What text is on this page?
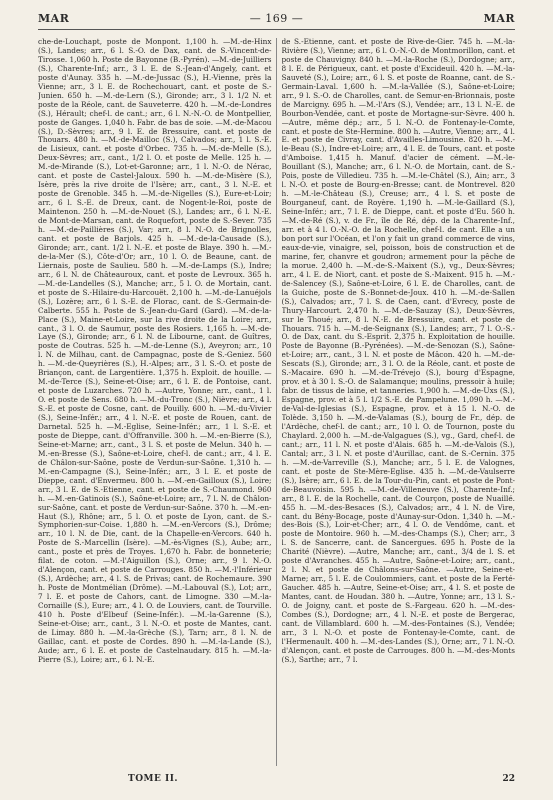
MAR	— 169 —	MAR

che-de-Louchapt, poste de Monpont. 1,100 h. —M.-de-Hinx (S.), Landes; arr., 6 l. S.-O. de Dax, cant. de S.-Vincent-de-Tirosse. 1,060 h. Poste de Bayonne (B.-Pyrén). —M.-de-Juilliers (S.), Charente-Inf.; arr., 3 l. E. de S.-Jean-d'Angely, cant. et poste d'Aunay. 335 h. —M.-de-Jussac (S.), H.-Vienne, près la Vienne; arr., 3 l. E. de Rochechouart, cant. et poste de S.-Junien. 650 h. —M.-de-Lern (S.), Gironde; arr., 3 l. 1/2 N. et poste de la Réole, cant. de Sauveterre. 420 h. —M.-de-Londres (S.), Hérault; chef-l. de cant.; arr., 6 l. N.-N.-O. de Montpellier, poste de Ganges. 1,040 h. Fabr. de bas de soie. —M.-de-Macou (S.), D.-Sèvres; arr., 9 l. E. de Bressuire, cant. et poste de Thouars. 480 h. —M.-de-Mailloc (S.), Calvados; arr., 1 l. S.-E. de Lisieux, cant. et poste d'Orbec. 735 h. —M.-de-Melle (S.), Deux-Sèvres; arr., cant., 1/2 l. O. et poste de Melle. 125 h. —M.-de-Mirande (S.), Lot-et-Garonne; arr., 1 l. N.-O. de Nérac, cant. et poste de Castel-Jaloux. 590 h. —M.-de-Misère (S.), Isère, près la rive droite de l'Isère; arr., cant., 3 l. N.-E. et poste de Grenoble. 345 h. —M.-de-Nigelles (S.), Eure-et-Loir; arr., 6 l. S.-E. de Dreux, cant. de Nogent-le-Roi, poste de Maintenon. 250 h. —M.-de-Nouet (S.), Landes; arr., 6 l. N.-E. de Mont-de-Marsan, cant. de Roquefort, poste de S.-Sever. 735 h. —M.-de-Paillières (S.), Var; arr., 8 l. N.-O. de Brignolles, cant. et poste de Barjols. 425 h. —M.-de-la-Causade (S.), Gironde; arr., cant. 1/2 l. N.-E. et poste de Blaye. 390 h. —M.-de-la-Mer (S.), Côte-d'Or; arr., 10 l. O. de Beaune, cant. de Liernais, poste de Saulieu. 580 h. —M.-de-Lamps (S.), Indre; arr., 6 l. N. de Châteauroux, cant. et poste de Levroux. 365 h. —M.-de-Landelles (S.), Manche; arr., 5 l. O. de Mortain, cant. et poste de S.-Hilaire-du-Harcouët. 2,100 h. —M.-de-Lanuéjols (S.), Lozère; arr., 6 l. S.-E. de Florac, cant. de S.-Germain-de-Calberte. 555 h. Poste de S.-Jean-du-Gard (Gard). —M.-de-la-Place (S.), Maine-et-Loire, sur la rive droite de la Loire; arr., cant., 3 l. O. de Saumur, poste des Rosiers. 1,165 h. —M.-de-Laye (S.), Gironde; arr., 6 l. N. de Libourne, cant. de Guîtres, poste de Coutras. 525 h. —M.-de-Lenne (S.), Aveyron; arr., 10 l. N. de Milhau, cant. de Campagnac, poste de S.-Geniez. 560 h. —M.-de-Queyrières (S.), H.-Alpes; arr., 3 l. S.-O. et poste de Briançon, cant. de Largentière. 1,375 h. Exploit. de houille. —M.-de-Terce (S.), Seine-et-Oise; arr., 6 l. E. de Pontoise, cant. et poste de Luzarches. 720 h. —Autre, Yonne; arr., cant., 1 l. O. et poste de Sens. 680 h. —M.-du-Tronc (S.), Nièvre; arr., 4 l. S.-E. et poste de Cosne, cant. de Pouilly. 600 h. —M.-du-Vivier (S.), Seine-Infér.; arr., 4 l. N.-E. et poste de Rouen, cant. de Darnetal. 525 h. —M.-Eglise, Seine-Infér.; arr., 1 l. S.-E. et poste de Dieppe, cant. d'Offranville. 300 h. —M.-en-Bierre (S.), Seine-et-Marne; arr., cant., 3 l. S. et poste de Melun. 340 h. —M.-en-Bresse (S.), Saône-et-Loire, chef-l. de cant.; arr., 4 l. E. de Châlon-sur-Saône, poste de Verdun-sur-Saône. 1,310 h. —M.-en-Campagne (S.), Seine-Infér.; arr., 3 l. E. et poste de Dieppe, cant. d'Envermeu. 800 h. —M.-en-Gailloux (S.), Loire; arr., 3 l. E. de S.-Etienne, cant. et poste de S.-Chaumond. 960 h. —M.-en-Gatinois (S.), Saône-et-Loire; arr., 7 l. N. de Châlon-sur-Saône, cant. et poste de Verdun-sur-Saône. 370 h. —M.-en-Haut (S.), Rhône; arr., 5 l. O. et poste de Lyon, cant. de S.-Symphorien-sur-Coise. 1,880 h. —M.-en-Vercors (S.), Drôme; arr., 10 l. N. de Die, cant. de la Chapelle-en-Vercors. 640 h. Poste de S.-Marcellin (Isère). —M.-ès-Vignes (S.), Aube; arr., cant., poste et près de Troyes. 1,670 h. Fabr. de bonneterie; filat. de coton. —M.-l'Aiguillon (S.), Orne; arr., 9 l. N.-O. d'Alençon, cant. et poste de Carrouges. 850 h. —M.-l'Inférieur (S.), Ardèche; arr., 4 l. S. de Privas; cant. de Rochemaure. 390 h. Poste de Montmélian (Drôme). —M.-Labouval (S.), Lot; arr., 7 l. E. et poste de Cahors, cant. de Limogne. 330 —M.-la-Cornaille (S.), Eure; arr., 4 l. O. de Louviers, cant. de Tourville. 410 h. Poste d'Elbeuf (Seine-Infér.). —M.-la-Garenne (S.), Seine-et-Oise; arr., cant., 3 l. N.-O. et poste de Mantes, cant. de Limay. 880 h. —M.-la-Grèche (S.), Tarn; arr., 8 l. N. de Gaillac, cant. et poste de Cordes. 890 h. —M.-la-Lande (S.), Aude; arr., 6 l. E. et poste de Castelnaudary. 815 h. —M.-la-Pierre (S.), Loire; arr., 6 l. N.-E.

de S.-Etienne, cant. et poste de Rive-de-Gier. 745 h. —M.-la-Rivière (S.), Vienne; arr., 6 l. O.-N.-O. de Montmorillon, cant. et poste de Chauvigny. 840 h. —M.-la-Roche (S.), Dordogne; arr., 8 l. E. de Périgueux, cant. et poste d'Excideuil. 420 h. —M.-la-Sauveté (S.), Loire; arr., 6 l. S. et poste de Roanne, cant. de S.-Germain-Laval. 1,600 h. —M.-la-Vallée (S.), Saône-et-Loire; arr., 9 l. S.-O. de Charolles, cant. de Semur-en-Brionnais, poste de Marcigny. 695 h. —M.-l'Ars (S.), Vendée; arr., 13 l. N.-E. de Bourbon-Vendée, cant. et poste de Mortagne-sur-Sèvre. 400 h. —Autre, même dép.; arr., 5 l. N.-O. de Fontenay-le-Comte, cant. et poste de Ste-Hermine. 800 h. —Autre, Vienne; arr., 4 l. E. et poste de Civray, cant. d'Availles-Limousine. 820 h. —M.-le-Beau (S.), Indre-et-Loire; arr., 4 l. E. de Tours, cant. et poste d'Amboise. 1,415 h. Manuf. d'acier de cément. —M.-le-Bouillant (S.), Manche; arr., 6 l. N.-O. de Mortain, cant. de S.-Pois, poste de Villedieu. 735 h. —M.-le-Châtel (S.), Ain; arr., 3 l. N.-O. et poste de Bourg-en-Bresse; cant. de Montrevel. 820 h. —M.-le-Château (S.), Creuse; arr., 4 l. S. et poste de Bourganeuf, cant. de Royère. 1,190 h. —M.-le-Gaillard (S.), Seine-Infér.; arr., 7 l. E. de Dieppe, cant. et poste d'Eu. 560 h. —M.-de-Ré (S.), v. de Fr., île de Ré, dép. de la Charente-Inf., arr. et à 4 l. O.-N.-O. de la Rochelle, chef-l. de cant. Elle a un bon port sur l'Océan, et l'on y fait un grand commerce de vins, eaux-de-vie, vinaigre, sel, poisson, bois de construction et de marine, fer, chanvre et goudron; armement pour la pêche de la morue. 2,400 h. —M.-de-S.-Maixent (S.), vg., Deux-Sèvres; arr., 4 l. E. de Niort, cant. et poste de S.-Maixent. 915 h. —M.-de-Salencey (S.), Saône-et-Loire, 6 l. E. de Charolles, cant. de la Guiche, poste de S.-Bonnet-de-Joux. 410 h. —M.-de-Sallen (S.), Calvados; arr., 7 l. S. de Caen, cant. d'Evrecy, poste de Thury-Harcourt. 2,470 h. —M.-de-Sauzay (S.), Deux-Sèvres, sur le Thoué; arr., 8 l. N.-E. de Bressuire, cant. et poste de Thouars. 715 h. —M.-de-Seignanx (S.), Landes; arr., 7 l. O.-S.-O. de Dax, cant. du S.-Esprit. 2,375 h. Exploitation de houille. Poste de Bayonne (B.-Pyrénées). —M.-de-Senozan (S.), Saône-et-Loire; arr., cant., 3 l. N. et poste de Mâcon. 420 h. —M.-de-Sescats (S.), Gironde; arr., 3 l. O. de la Réole, cant. et poste de S.-Macaire. 690 h. —M.-de-Trévejo (S.), bourg d'Espagne, prov. et à 30 l. S.-O. de Salamanque; moulins, pressoir à huile; fabr. de tissus de laine, et tanneries. 1,900 h. —M.-de-Uxs (S.), Espagne, prov. et à 5 l. 1/2 S.-E. de Pampelune. 1,090 h. —M.-de-Val-de-Iglesias (S.), Espagne, prov. et à 15 l. N.-O. de Tolède. 3,150 h. —M.-de-Valamas (S.), bourg de Fr., dép. de l'Ardèche, chef-l. de cant.; arr., 10 l. O. de Tournon, poste du Chaylard. 2,000 h. —M.-de-Valgagues (S.), vg., Gard, chef-l. de cant.; arr., 11 l. N. et poste d'Alais. 685 h. —M.-de-Valois (S.), Cantal; arr., 3 l. N. et poste d'Aurillac, cant. de S.-Cernin. 375 h. —M.-de-Varreville (S.), Manche; arr., 5 l. E. de Valognes, cant. et poste de Ste-Mère-Eglise. 435 h. —M.-de-Vaulserre (S.), Isère; arr., 6 l. E. de la Tour-du-Pin, cant. et poste de Pont-de-Beauvoisin. 595 h. —M.-de-Villeneuve (S.), Charente-Inf.; arr., 8 l. E. de la Rochelle, cant. de Courçon, poste de Nuaillé. 455 h. —M.-des-Besaces (S.), Calvados; arr., 4 l. N. de Vire, cant. du Bény-Bocage, poste d'Aunay-sur-Odon. 1,340 h. —M.-des-Bois (S.), Loir-et-Cher; arr., 4 l. O. de Vendôme, cant. et poste de Montoire. 960 h. —M.-des-Champs (S.), Cher; arr., 3 l. S. de Sancerre, cant. de Sancergues. 695 h. Poste de la Charité (Nièvre). —Autre, Manche; arr., cant., 3/4 de l. S. et poste d'Avranches. 455 h. —Autre, Saône-et-Loire; arr., cant., 2 l. N. et poste de Châlons-sur-Saône. —Autre, Seine-et-Marne; arr., 5 l. E. de Coulommiers, cant. et poste de la Ferté-Gaucher. 485 h. —Autre, Seine-et-Oise; arr., 4 l. S. et poste de Mantes, cant. de Houdan. 380 h. —Autre, Yonne; arr., 13 l. S.-O. de Joigny, cant. et poste de S.-Fargeau. 620 h. —M.-des-Combes (S.), Dordogne; arr., 4 l. N.-E. et poste de Bergerac, cant. de Villamblard. 600 h. —M.-des-Fontaines (S.), Vendée; arr., 3 l. N.-O. et poste de Fontenay-le-Comte, cant. de l'Hermenault. 400 h. —M.-des-Landes (S.), Orne; arr., 7 l. N.-O. d'Alençon, cant. et poste de Carrouges. 800 h. —M.-des-Monts (S.), Sarthe; arr., 7 l.

TOME II.	22
